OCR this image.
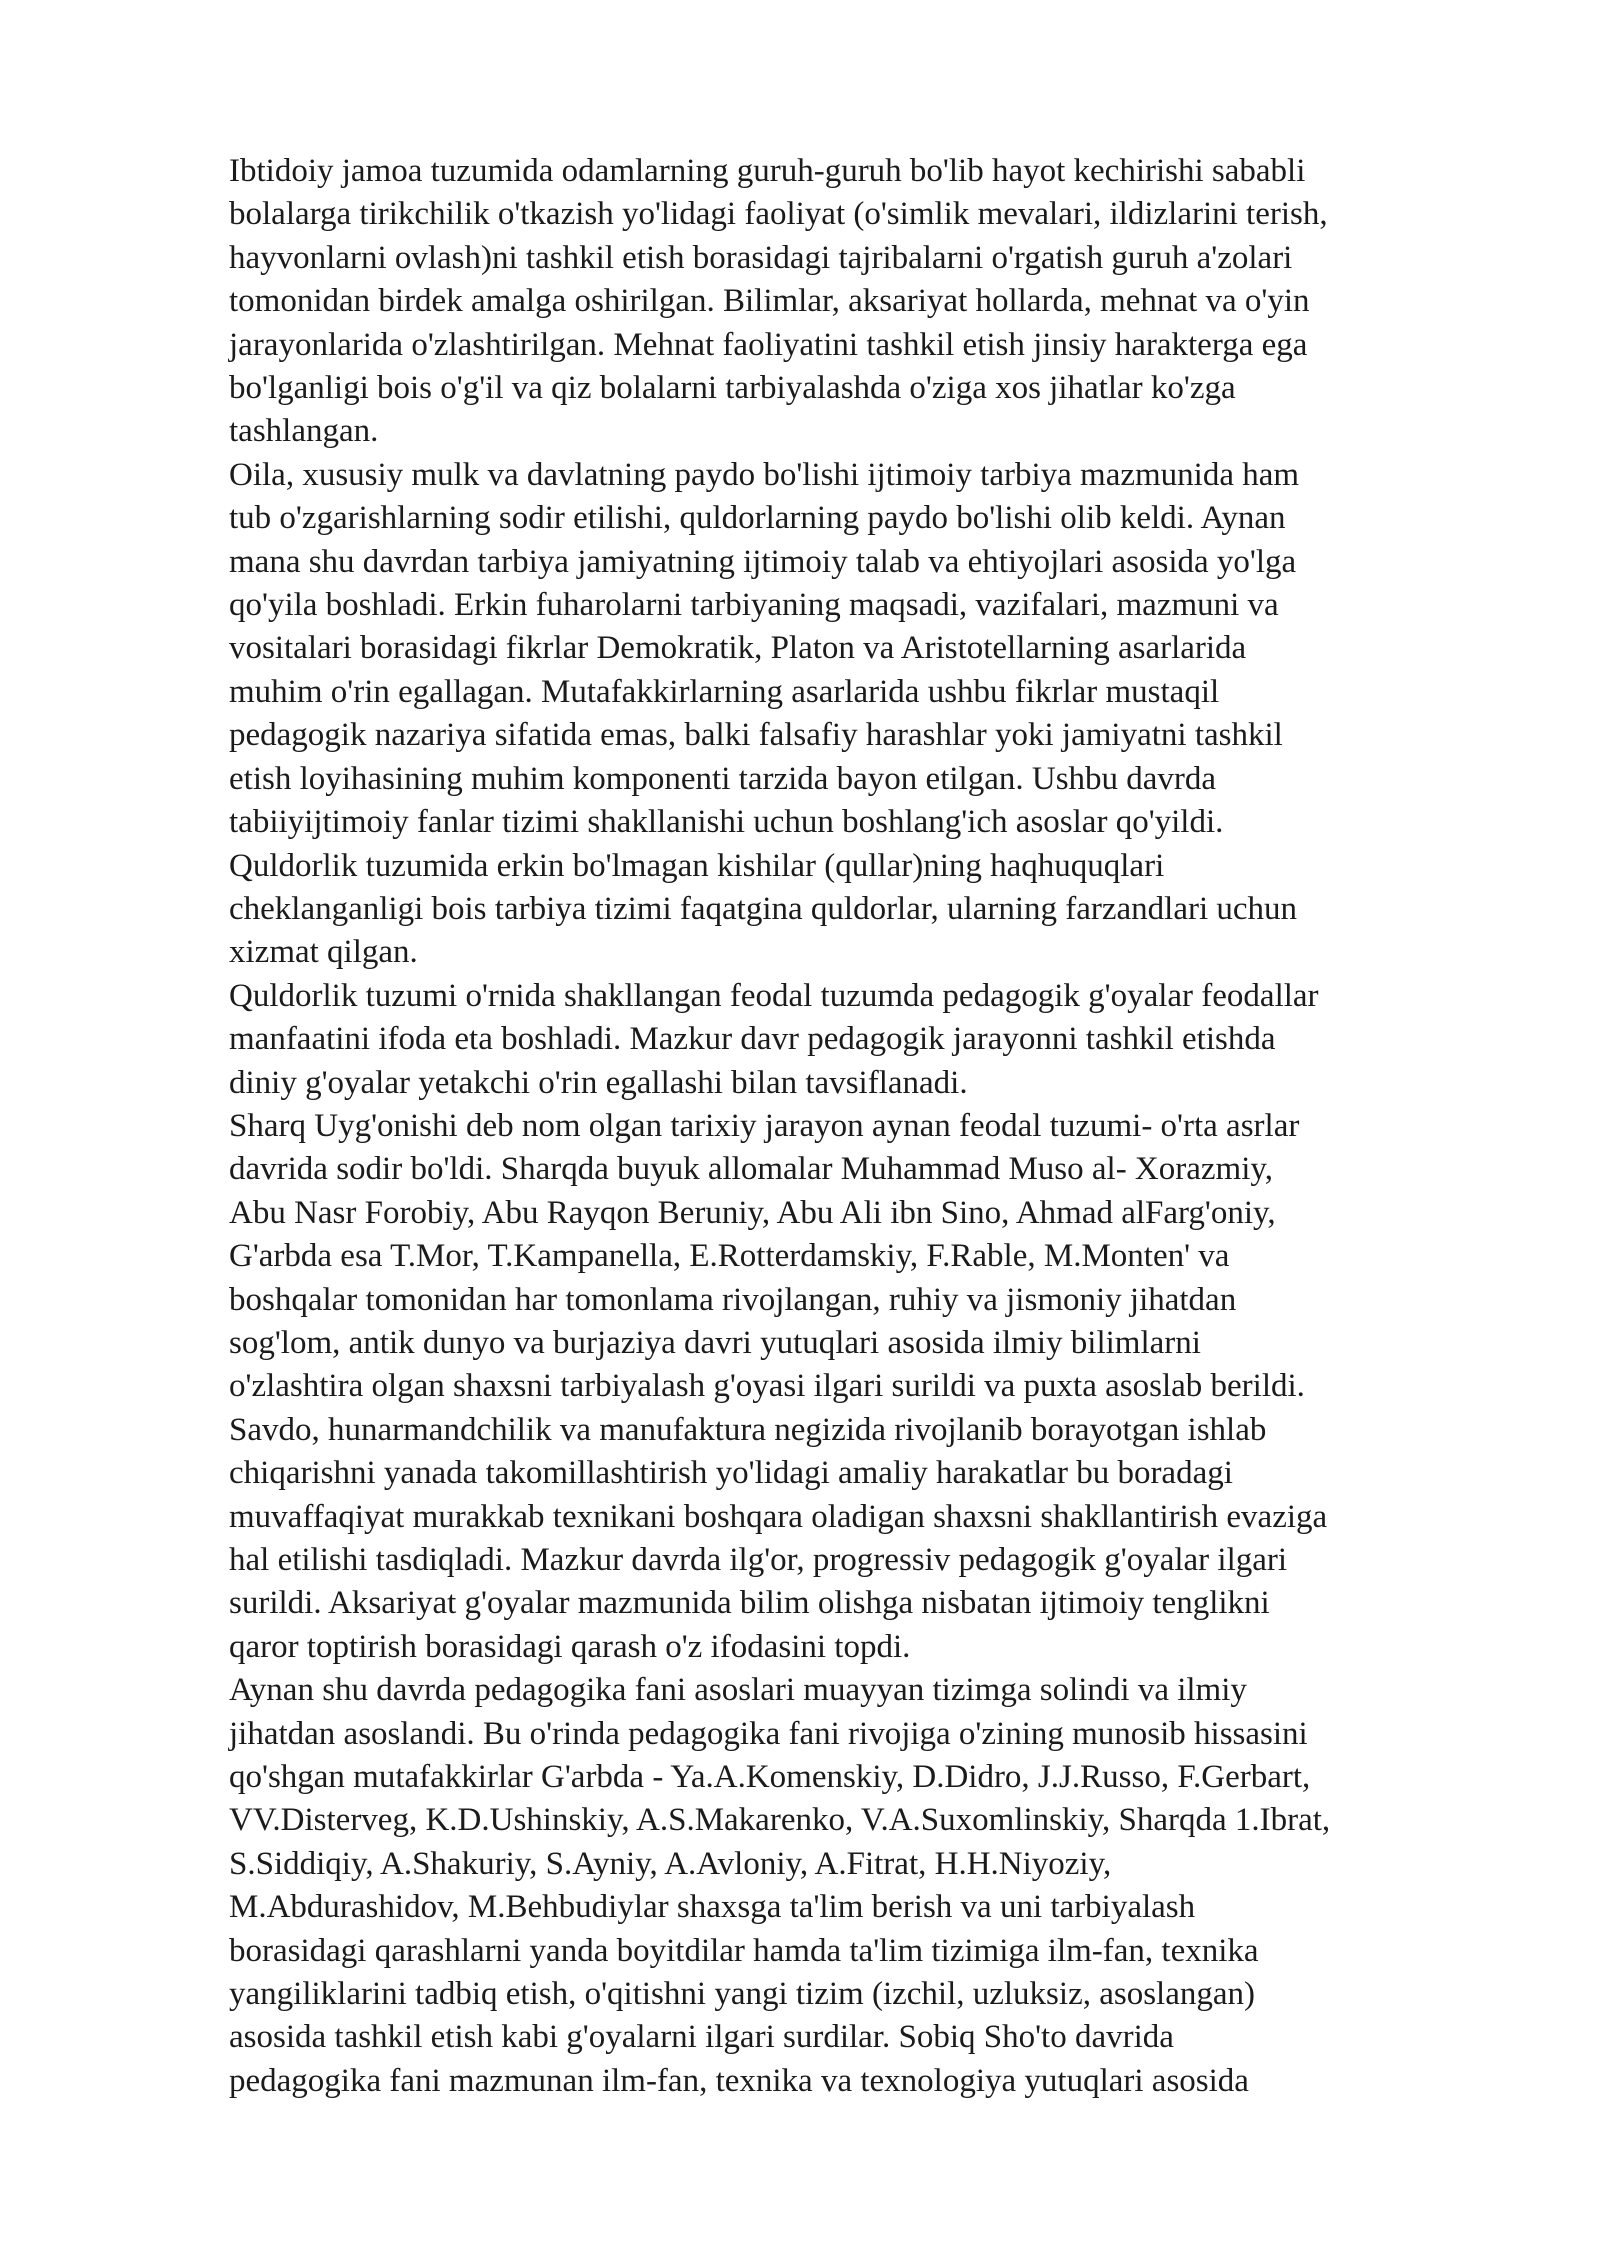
Ibtidoiy jamoa tuzumida odamlarning guruh-guruh bo'lib hayot kechirishi sababli
bolalarga tirikchilik o'tkazish yo'lidagi faoliyat (o'simlik mevalari, ildizlarini terish,
hayvonlarni ovlash)ni tashkil etish borasidagi tajribalarni o'rgatish guruh a'zolari
tomonidan birdek amalga oshirilgan. Bilimlar, aksariyat hollarda, mehnat va o'yin
jarayonlarida o'zlashtirilgan. Mehnat faoliyatini tashkil etish jinsiy harakterga ega
bo'lganligi bois o'g'il va qiz bolalarni tarbiyalashda o'ziga xos jihatlar ko'zga
tashlangan.

Oila, xususiy mulk va davlatning paydo bo'lishi ijtimoiy tarbiya mazmunida ham
tub o'zgarishlarning sodir etilishi, quldorlarning paydo bo'lishi olib keldi. Aynan
mana shu davrdan tarbiya jamiyatning ijtimoiy talab va ehtiyojlari asosida yo'lga
qo'yila boshladi. Erkin fuharolarni tarbiyaning maqsadi, vazifalari, mazmuni va
vositalari borasidagi fikrlar Demokratik, Platon va Aristotellarning asarlarida
muhim o'rin egallagan. Mutafakkirlarning asarlarida ushbu fikrlar mustaqil
pedagogik nazariya sifatida emas, balki falsafiy harashlar yoki jamiyatni tashkil
etish loyihasining muhim komponenti tarzida bayon etilgan. Ushbu davrda
tabiiyijtimoiy fanlar tizimi shakllanishi uchun boshlang'ich asoslar qo'yildi.
Quldorlik tuzumida erkin bo'lmagan kishilar (qullar)ning haqhuquqlari
cheklanganligi bois tarbiya tizimi faqatgina quldorlar, ularning farzandlari uchun
xizmat qilgan.

Quldorlik tuzumi o'rnida shakllangan feodal tuzumda pedagogik g'oyalar feodallar
manfaatini ifoda eta boshladi. Mazkur davr pedagogik jarayonni tashkil etishda
diniy g'oyalar yetakchi o'rin egallashi bilan tavsiflanadi.

Sharq Uyg'onishi deb nom olgan tarixiy jarayon aynan feodal tuzumi- o'rta asrlar
davrida sodir bo'ldi. Sharqda buyuk allomalar Muhammad Muso al- Xorazmiy,
Abu Nasr Forobiy, Abu Rayqon Beruniy, Abu Ali ibn Sino, Ahmad alFarg'oniy,
G'arbda esa T.Mor, T.Kampanella, E.Rotterdamskiy, F.Rable, M.Monten' va
boshqalar tomonidan har tomonlama rivojlangan, ruhiy va jismoniy jihatdan
sog'lom, antik dunyo va burjaziya davri yutuqlari asosida ilmiy bilimlarni
o'zlashtira olgan shaxsni tarbiyalash g'oyasi ilgari surildi va puxta asoslab berildi.
Savdo, hunarmandchilik va manufaktura negizida rivojlanib borayotgan ishlab
chiqarishni yanada takomillashtirish yo'lidagi amaliy harakatlar bu boradagi
muvaffaqiyat murakkab texnikani boshqara oladigan shaxsni shakllantirish evaziga
hal etilishi tasdiqladi. Mazkur davrda ilg'or, progressiv pedagogik g'oyalar ilgari
surildi. Aksariyat g'oyalar mazmunida bilim olishga nisbatan ijtimoiy tenglikni
qaror toptirish borasidagi qarash o'z ifodasini topdi.

Aynan shu davrda pedagogika fani asoslari muayyan tizimga solindi va ilmiy
jihatdan asoslandi. Bu o'rinda pedagogika fani rivojiga o'zining munosib hissasini
qo'shgan mutafakkirlar G'arbda - Ya.A.Komenskiy, D.Didro, J.J.Russo, F.Gerbart,
VV.Disterveg, K.D.Ushinskiy, A.S.Makarenko, V.A.Suxomlinskiy, Sharqda 1.Ibrat,
S.Siddiqiy, A.Shakuriy, S.Ayniy, A.Avloniy, A.Fitrat, H.H.Niyoziy,
M.Abdurashidov, M.Behbudiylar shaxsga ta'lim berish va uni tarbiyalash
borasidagi qarashlarni yanda boyitdilar hamda ta'lim tizimiga ilm-fan, texnika
yangiliklarini tadbiq etish, o'qitishni yangi tizim (izchil, uzluksiz, asoslangan)
asosida tashkil etish kabi g'oyalarni ilgari surdilar. Sobiq Sho'to davrida
pedagogika fani mazmunan ilm-fan, texnika va texnologiya yutuqlari asosida
